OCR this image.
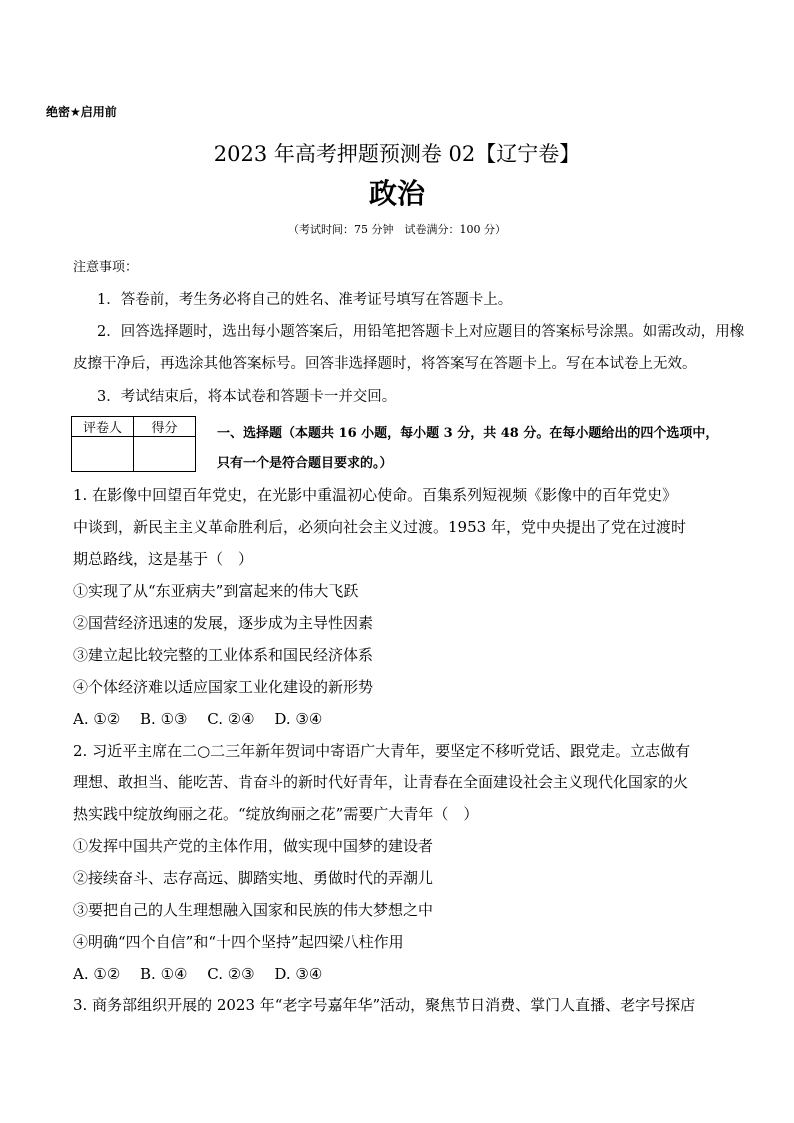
绝密★启用前
2023 年高考押题预测卷 02【辽宁卷】
政治
（考试时间：75 分钟　试卷满分：100 分）
注意事项：
1．答卷前，考生务必将自己的姓名、准考证号填写在答题卡上。
2．回答选择题时，选出每小题答案后，用铅笔把答题卡上对应题目的答案标号涂黑。如需改动，用橡
皮擦干净后，再选涂其他答案标号。回答非选择题时，将答案写在答题卡上。写在本试卷上无效。
3．考试结束后，将本试卷和答题卡一并交回。
评卷人	得分
		一、选择题（本题共 16 小题，每小题 3 分，共 48 分。在每小题给出的四个选项中，
只有一个是符合题目要求的。）
1. 在影像中回望百年党史，在光影中重温初心使命。百集系列短视频《影像中的百年党史》
中谈到，新民主主义革命胜利后，必须向社会主义过渡。1953 年，党中央提出了党在过渡时
期总路线，这是基于（　）
①实现了从“东亚病夫”到富起来的伟大飞跃
②国营经济迅速的发展，逐步成为主导性因素
③建立起比较完整的工业体系和国民经济体系
④个体经济难以适应国家工业化建设的新形势
A. ①②　 B. ①③　 C. ②④　 D. ③④
2. 习近平主席在二○二三年新年贺词中寄语广大青年，要坚定不移听党话、跟党走。立志做有
理想、敢担当、能吃苦、肯奋斗的新时代好青年，让青春在全面建设社会主义现代化国家的火
热实践中绽放绚丽之花。“绽放绚丽之花”需要广大青年（　）
①发挥中国共产党的主体作用，做实现中国梦的建设者
②接续奋斗、志存高远、脚踏实地、勇做时代的弄潮儿
③要把自己的人生理想融入国家和民族的伟大梦想之中
④明确“四个自信”和“十四个坚持”起四梁八柱作用
A. ①②　 B. ①④　 C. ②③　 D. ③④
3. 商务部组织开展的 2023 年“老字号嘉年华”活动，聚焦节日消费、掌门人直播、老字号探店
